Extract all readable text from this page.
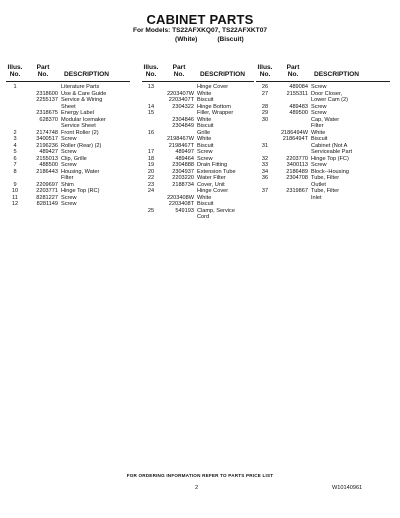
CABINET PARTS
For Models: TS22AFXKQ07, TS22AFXKT07
(White)	(Biscuit)
Illus.
No.
Part
No.	DESCRIPTION
1	Literature Parts
2318600 Use & Care Guide
2255137 Service & Wiring
Sheet
2318675 Energy Label
628370 Modular Icemaker
Service Sheet
2	2174748 Front Roller (2)
3	3400517 Screw
4	2196236 Roller (Rear) (2)
5	489427 Screw
6	2155013 Clip, Grille
7	488500 Screw
8	2186443 Housing, Water
Filter
9	2209697 Shim
10	2203771 Hinge Top (RC)
11	8281227 Screw
12	8281149 Screw
Illus.
No.
Part
No.	DESCRIPTION
13	Hinge Cover
2203407W White
2203407T Biscuit
14	2304322 Hinge Bottom
15	Filler, Wrapper
2304846 White
2304849 Biscuit
16	Grille
2198467W White
2198467T Biscuit
17	489497 Screw
18	489464 Screw
19	2304888 Drain Fitting
20	2304937 Extension Tube
22	2203220 Water Filter
23	2188734 Cover, Unit
24	Hinge Cover
2203408W White
2203408T Biscuit
25	549193 Clamp, Service
Cord
Illus.
No.
Part
No.	DESCRIPTION
26	489084 Screw
27	2155311 Door Closer,
Lower Cam (2)
28	489483 Screw
29	489500 Screw
30	Cap, Water
Filter
2186494W White
2186494T Biscuit
31	Cabinet (Not A
Serviceable Part
32	2203770 Hinge Top (FC)
33	3400113 Screw
34	2186489 Block--Housing
36	2304708 Tube, Filter
Outlet
37	2319867 Tube, Filter
Inlet
FOR ORDERING INFORMATION REFER TO PARTS PRICE LIST
2	W10140961
